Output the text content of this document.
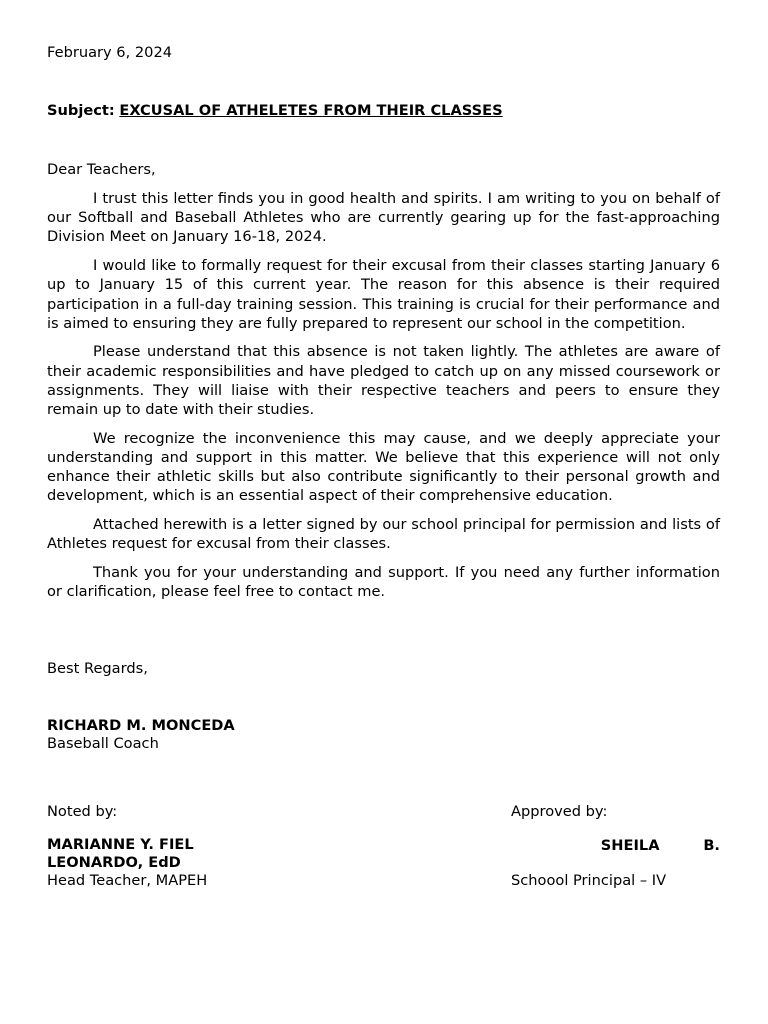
February 6, 2024
Subject: EXCUSAL OF ATHELETES FROM THEIR CLASSES
Dear Teachers,

I trust this letter finds you in good health and spirits. I am writing to you on behalf of our Softball and Baseball Athletes who are currently gearing up for the fast-approaching Division Meet on January 16-18, 2024.

I would like to formally request for their excusal from their classes starting January 6 up to January 15 of this current year. The reason for this absence is their required participation in a full-day training session. This training is crucial for their performance and is aimed to ensuring they are fully prepared to represent our school in the competition.

Please understand that this absence is not taken lightly. The athletes are aware of their academic responsibilities and have pledged to catch up on any missed coursework or assignments. They will liaise with their respective teachers and peers to ensure they remain up to date with their studies.

We recognize the inconvenience this may cause, and we deeply appreciate your understanding and support in this matter. We believe that this experience will not only enhance their athletic skills but also contribute significantly to their personal growth and development, which is an essential aspect of their comprehensive education.

Attached herewith is a letter signed by our school principal for permission and lists of Athletes request for excusal from their classes.

Thank you for your understanding and support. If you need any further information or clarification, please feel free to contact me.

Best Regards,
RICHARD M. MONCEDA
Baseball Coach
Noted by:
MARIANNE Y. FIEL LEONARDO, EdD
Head Teacher, MAPEH
Approved by:
SHEILA	B.
Schoool Principal – IV
